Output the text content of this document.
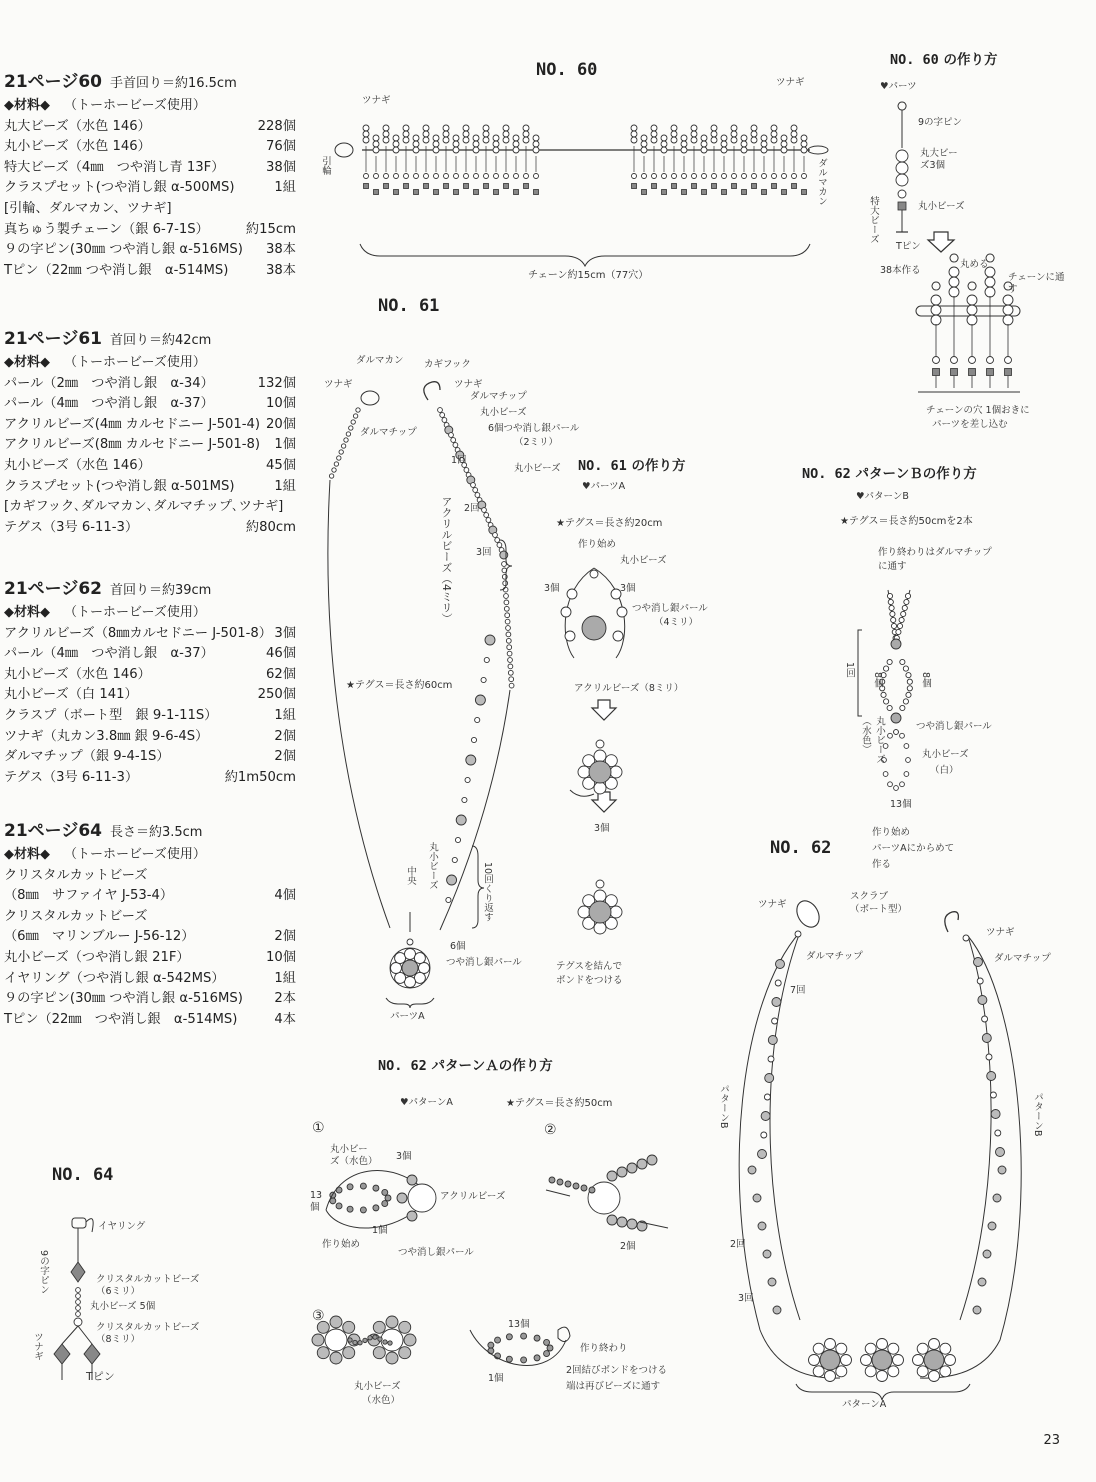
21ページ60 手首回り＝約16.5cm
◆材料◆ （トーホービーズ使用）
丸大ビーズ（水色 146）	228個
丸小ビーズ（水色 146）	76個
特大ビーズ（4㎜　つや消し青 13F）	38個
クラスプセット(つや消し銀 α-500MS)	1組
[引輪、ダルマカン、ツナギ]
真ちゅう製チェーン（銀 6-7-1S）	約15cm
９の字ピン(30㎜ つや消し銀 α-516MS) 38本
Tピン（22㎜ つや消し銀　α-514MS)	38本
21ページ61 首回り＝約42cm
◆材料◆ （トーホービーズ使用）
パール（2㎜　つや消し銀　α-34）	132個
パール（4㎜　つや消し銀　α-37）	10個
アクリルビーズ(4㎜ カルセドニー J-501-4) 20個
アクリルビーズ(8㎜ カルセドニー J-501-8) 1個
丸小ビーズ（水色 146）	45個
クラスプセット(つや消し銀 α-501MS)	1組
[カギフック､ダルマカン､ダルマチップ､ツナギ]
テグス（3号 6-11-3）	約80cm
21ページ62 首回り＝約39cm
◆材料◆ （トーホービーズ使用）
アクリルビーズ（8㎜カルセドニー J-501-8） 3個
パール（4㎜　つや消し銀　α-37）	46個
丸小ビーズ（水色 146）	62個
丸小ビーズ（白 141）	250個
クラスプ（ボート型　銀 9-1-11S）	1組
ツナギ（丸カン3.8㎜ 銀 9-6-4S）	2個
ダルマチップ（銀 9-4-1S）	2個
テグス（3号 6-11-3）	約1m50cm
21ページ64 長さ＝約3.5cm
◆材料◆ （トーホービーズ使用）
クリスタルカットビーズ
（8㎜　サファイヤ J-53-4）	4個
クリスタルカットビーズ
（6㎜　マリンブルー J-56-12）	2個
丸小ビーズ（つや消し銀 21F）	10個
イヤリング（つや消し銀 α-542MS）	1組
９の字ピン(30㎜ つや消し銀 α-516MS) 2本
Tピン（22㎜　つや消し銀　α-514MS)	4本
NO. 60
NO. 61
NO. 62
NO. 64
NO. 60 の作り方
NO. 61 の作り方	NO. 62 パターンＢの作り方
NO. 62 パターンＡの作り方
ツナギ
ツナギ
引輪	ダルマカン
チェーン約15cm（77穴）
♥パーツ
9の字ピン
丸大ビーズ3個
丸小ビーズ
特大ビーズ
Tピン
38本作る
丸める
チェーンに通す
チェーンの穴 1個おきに
パーツを差し込む
ダルマカン カギフック
ツナギ	ツナギ
ダルマチップ
ダルマチップ
丸小ビーズ
6個つや消し銀パール
（2ミリ）
丸小ビーズ
1回
2回
3回
アクリルビーズ（4ミリ）
★テグス＝長さ約60cm
丸小ビーズ
中央	10回くり返す
6個
つや消し銀パール
パーツA
♥パーツA
★テグス＝長さ約20cm
作り始め
丸小ビーズ
3個	3個
つや消し銀パール
（4ミリ）
アクリルビーズ（8ミリ）
3個
テグスを結んで
ボンドをつける
♥パターンB
★テグス＝長さ約50cmを2本
作り終わりはダルマチップ
に通す
1回
8個	8個
丸小ビーズ（水色）	つや消し銀パール
丸小ビーズ
（白）
13個
作り始め
パーツAにからめて
作る
スクラブ（ボート型）
ツナギ
ツナギ
ダルマチップ	ダルマチップ
7回
2回
3回
パターンB	パターンB
パターンA
♥パターンA	★テグス＝長さ約50cm
①	②
③
丸小ビーズ（水色） 3個
13個
アクリルビーズ
1個
作り始め
つや消し銀パール
2個
13個
作り終わり
2回結びボンドをつける
端は再びビーズに通す
1個
丸小ビーズ
（水色）
イヤリング
9の字ピン	クリスタルカットビーズ（6ミリ）
丸小ビーズ 5個
ツナギ
クリスタルカットビーズ（8ミリ）
Tピン
23
